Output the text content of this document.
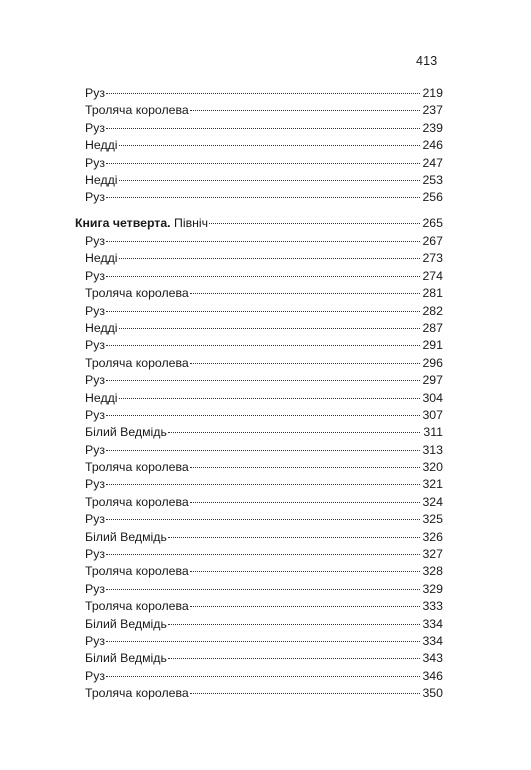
413
Руз	219
Троляча королева	237
Руз	239
Недді	246
Руз	247
Недді	253
Руз	256
Книга четверта. Північ	265
Руз	267
Недді	273
Руз	274
Троляча королева	281
Руз	282
Недді	287
Руз	291
Троляча королева	296
Руз	297
Недді	304
Руз	307
Білий Ведмідь	311
Руз	313
Троляча королева	320
Руз	321
Троляча королева	324
Руз	325
Білий Ведмідь	326
Руз	327
Троляча королева	328
Руз	329
Троляча королева	333
Білий Ведмідь	334
Руз	334
Білий Ведмідь	343
Руз	346
Троляча королева	350
